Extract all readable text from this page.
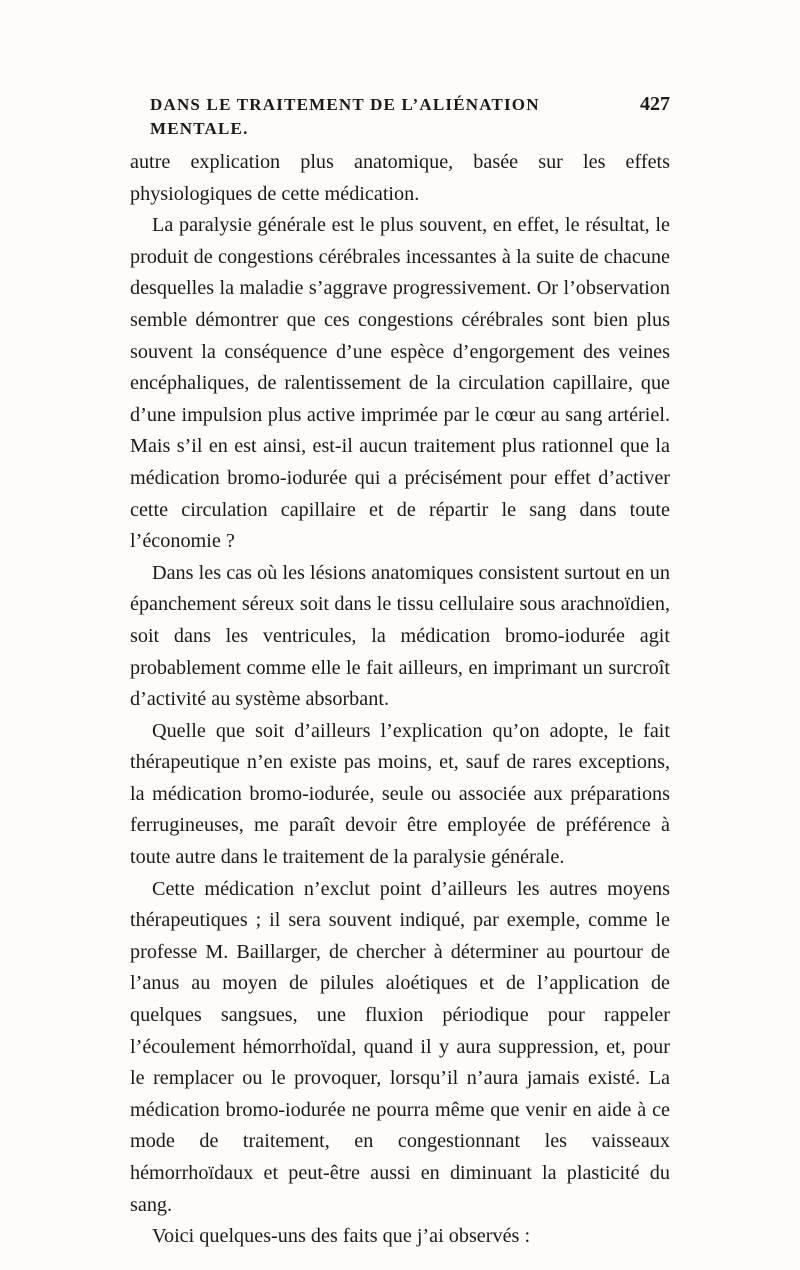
DANS LE TRAITEMENT DE L’ALIÉNATION MENTALE.
427

autre explication plus anatomique, basée sur les effets physiologiques de cette médication.

La paralysie générale est le plus souvent, en effet, le résultat, le produit de congestions cérébrales incessantes à la suite de chacune desquelles la maladie s’aggrave progressivement. Or l’observation semble démontrer que ces congestions cérébrales sont bien plus souvent la conséquence d’une espèce d’engorgement des veines encéphaliques, de ralentissement de la circulation capillaire, que d’une impulsion plus active imprimée par le cœur au sang artériel. Mais s’il en est ainsi, est-il aucun traitement plus rationnel que la médication bromo-iodurée qui a précisément pour effet d’activer cette circulation capillaire et de répartir le sang dans toute l’économie ?

Dans les cas où les lésions anatomiques consistent surtout en un épanchement séreux soit dans le tissu cellulaire sous arachnoïdien, soit dans les ventricules, la médication bromo-iodurée agit probablement comme elle le fait ailleurs, en imprimant un surcroît d’activité au système absorbant.

Quelle que soit d’ailleurs l’explication qu’on adopte, le fait thérapeutique n’en existe pas moins, et, sauf de rares exceptions, la médication bromo-iodurée, seule ou associée aux préparations ferrugineuses, me paraît devoir être employée de préférence à toute autre dans le traitement de la paralysie générale.

Cette médication n’exclut point d’ailleurs les autres moyens thérapeutiques ; il sera souvent indiqué, par exemple, comme le professe M. Baillarger, de chercher à déterminer au pourtour de l’anus au moyen de pilules aloétiques et de l’application de quelques sangsues, une fluxion périodique pour rappeler l’écoulement hémorrhoïdal, quand il y aura suppression, et, pour le remplacer ou le provoquer, lorsqu’il n’aura jamais existé. La médication bromo-iodurée ne pourra même que venir en aide à ce mode de traitement, en congestionnant les vaisseaux hémorrhoïdaux et peut-être aussi en diminuant la plasticité du sang.

Voici quelques-uns des faits que j’ai observés :
